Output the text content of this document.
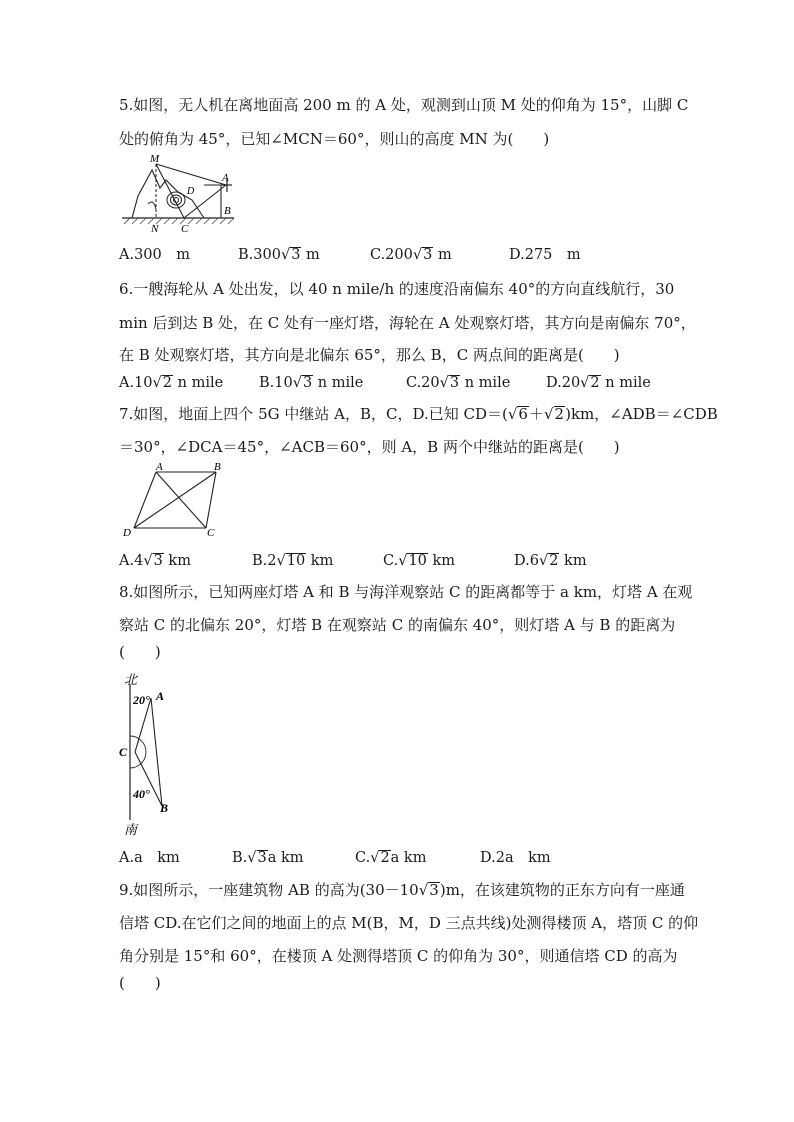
5.如图，无人机在离地面高 200 m 的 A 处，观测到山顶 M 处的仰角为 15°，山脚 C
处的俯角为 45°，已知∠MCN＝60°，则山的高度 MN 为(　　)
M
A
D
N C
B
A.300　m	B.300√3 m	C.200√3 m	D.275　m
6.一艘海轮从 A 处出发，以 40 n mile/h 的速度沿南偏东 40°的方向直线航行，30
min 后到达 B 处，在 C 处有一座灯塔，海轮在 A 处观察灯塔，其方向是南偏东 70°，
在 B 处观察灯塔，其方向是北偏东 65°，那么 B，C 两点间的距离是(　　)
A.10√2 n mile B.10√3 n mile	C.20√3 n mile D.20√2 n mile
7.如图，地面上四个 5G 中继站 A，B，C，D.已知 CD＝(√6＋√2)km，∠ADB＝∠CDB
＝30°，∠DCA＝45°，∠ACB＝60°，则 A，B 两个中继站的距离是(　　)
A	B
D	C
A.4√3 km	B.2√10 km	C.√10 km	D.6√2 km
8.如图所示，已知两座灯塔 A 和 B 与海洋观察站 C 的距离都等于 a km，灯塔 A 在观
察站 C 的北偏东 20°，灯塔 B 在观察站 C 的南偏东 40°，则灯塔 A 与 B 的距离为
(　　)
北
20° A
C
40°
B
南
A.a　km	B.√3a km	C.√2a km	D.2a　km
9.如图所示，一座建筑物 AB 的高为(30－10√3)m，在该建筑物的正东方向有一座通
信塔 CD.在它们之间的地面上的点 M(B，M，D 三点共线)处测得楼顶 A，塔顶 C 的仰
角分别是 15°和 60°，在楼顶 A 处测得塔顶 C 的仰角为 30°，则通信塔 CD 的高为
(　　)
